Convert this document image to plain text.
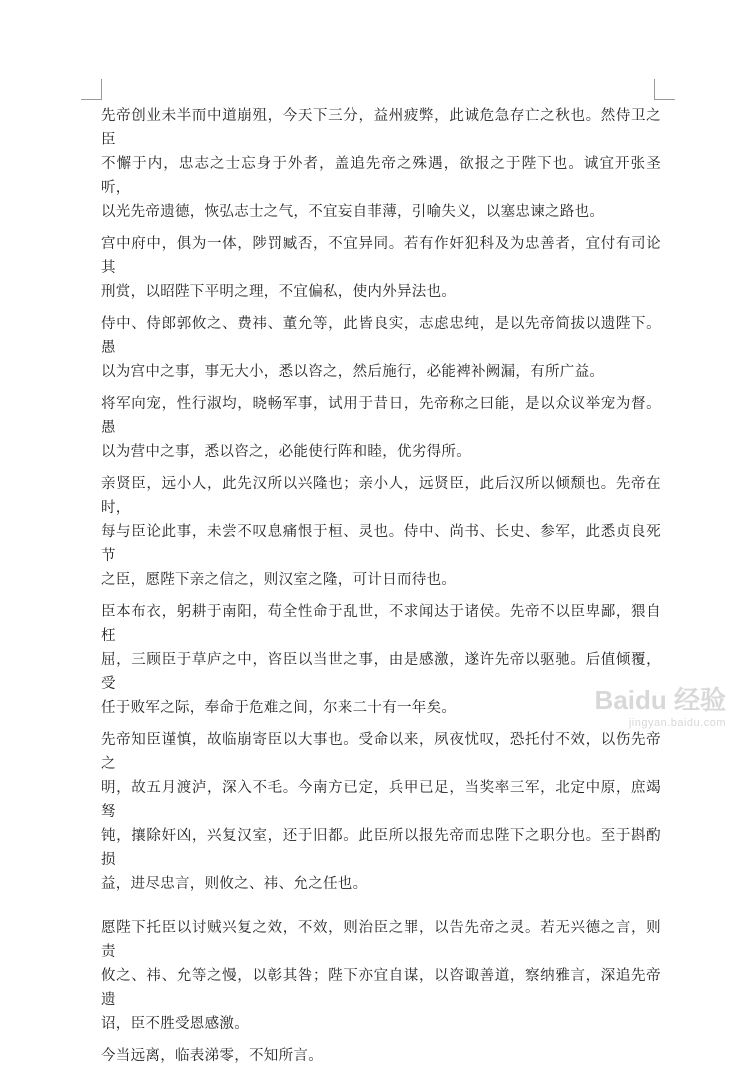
先帝创业未半而中道崩殂，今天下三分，益州疲弊，此诚危急存亡之秋也。然侍卫之臣
不懈于内，忠志之士忘身于外者，盖追先帝之殊遇，欲报之于陛下也。诚宜开张圣听，
以光先帝遗德，恢弘志士之气，不宜妄自菲薄，引喻失义，以塞忠谏之路也。

宫中府中，俱为一体，陟罚臧否，不宜异同。若有作奸犯科及为忠善者，宜付有司论其
刑赏，以昭陛下平明之理，不宜偏私，使内外异法也。

侍中、侍郎郭攸之、费祎、董允等，此皆良实，志虑忠纯，是以先帝简拔以遗陛下。愚
以为宫中之事，事无大小，悉以咨之，然后施行，必能裨补阙漏，有所广益。

将军向宠，性行淑均，晓畅军事，试用于昔日，先帝称之曰能，是以众议举宠为督。愚
以为营中之事，悉以咨之，必能使行阵和睦，优劣得所。

亲贤臣，远小人，此先汉所以兴隆也；亲小人，远贤臣，此后汉所以倾颓也。先帝在时，
每与臣论此事，未尝不叹息痛恨于桓、灵也。侍中、尚书、长史、参军，此悉贞良死节
之臣，愿陛下亲之信之，则汉室之隆，可计日而待也。

臣本布衣，躬耕于南阳，苟全性命于乱世，不求闻达于诸侯。先帝不以臣卑鄙，猥自枉
屈，三顾臣于草庐之中，咨臣以当世之事，由是感激，遂许先帝以驱驰。后值倾覆，受
任于败军之际，奉命于危难之间，尔来二十有一年矣。

先帝知臣谨慎，故临崩寄臣以大事也。受命以来，夙夜忧叹，恐托付不效，以伤先帝之
明，故五月渡泸，深入不毛。今南方已定，兵甲已足，当奖率三军，北定中原，庶竭驽
钝，攘除奸凶，兴复汉室，还于旧都。此臣所以报先帝而忠陛下之职分也。至于斟酌损
益，进尽忠言，则攸之、祎、允之任也。

愿陛下托臣以讨贼兴复之效，不效，则治臣之罪，以告先帝之灵。若无兴德之言，则责
攸之、祎、允等之慢，以彰其咎；陛下亦宜自谋，以咨诹善道，察纳雅言，深追先帝遗
诏，臣不胜受恩感激。

今当远离，临表涕零，不知所言。

Baidu 经验
jingyan.baidu.com
